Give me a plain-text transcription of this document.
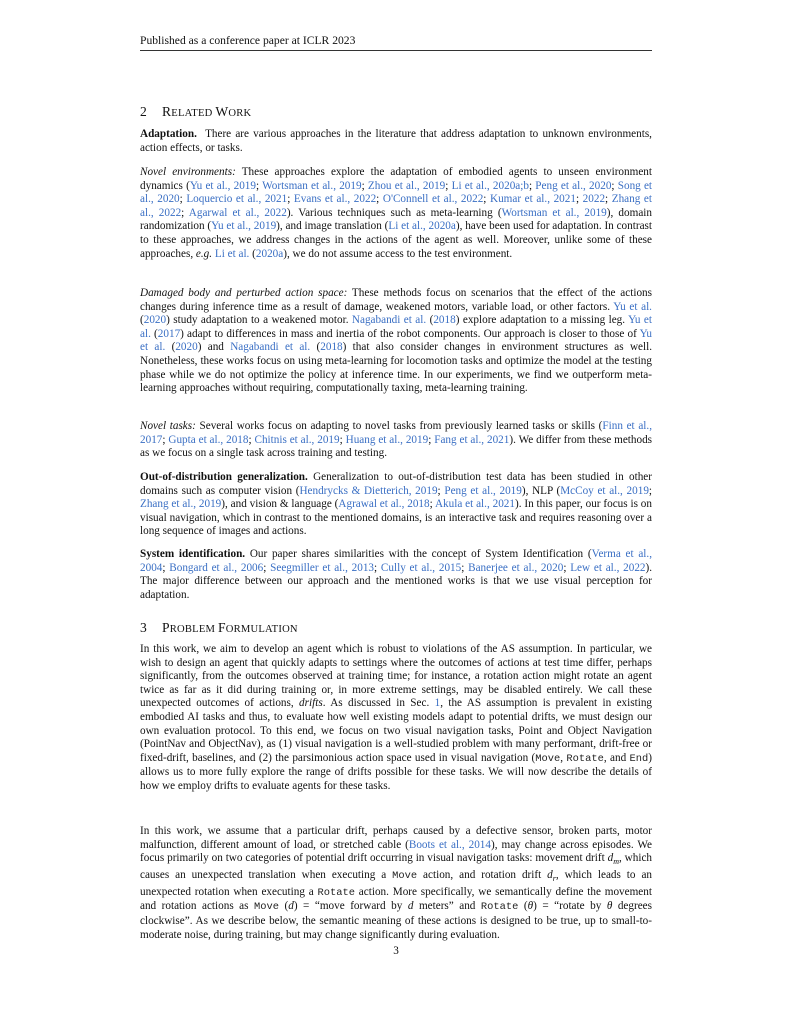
Published as a conference paper at ICLR 2023
2 RELATED WORK
Adaptation. There are various approaches in the literature that address adaptation to unknown environments, action effects, or tasks.
Novel environments: These approaches explore the adaptation of embodied agents to unseen environment dynamics (Yu et al., 2019; Wortsman et al., 2019; Zhou et al., 2019; Li et al., 2020a;b; Peng et al., 2020; Song et al., 2020; Loquercio et al., 2021; Evans et al., 2022; O'Connell et al., 2022; Kumar et al., 2021; 2022; Zhang et al., 2022; Agarwal et al., 2022). Various techniques such as meta-learning (Wortsman et al., 2019), domain randomization (Yu et al., 2019), and image translation (Li et al., 2020a), have been used for adaptation. In contrast to these approaches, we address changes in the actions of the agent as well. Moreover, unlike some of these approaches, e.g. Li et al. (2020a), we do not assume access to the test environment.
Damaged body and perturbed action space: These methods focus on scenarios that the effect of the actions changes during inference time as a result of damage, weakened motors, variable load, or other factors. Yu et al. (2020) study adaptation to a weakened motor. Nagabandi et al. (2018) explore adaptation to a missing leg. Yu et al. (2017) adapt to differences in mass and inertia of the robot components. Our approach is closer to those of Yu et al. (2020) and Nagabandi et al. (2018) that also consider changes in environment structures as well. Nonetheless, these works focus on using meta-learning for locomotion tasks and optimize the model at the testing phase while we do not optimize the policy at inference time. In our experiments, we find we outperform meta-learning approaches without requiring, computationally taxing, meta-learning training.
Novel tasks: Several works focus on adapting to novel tasks from previously learned tasks or skills (Finn et al., 2017; Gupta et al., 2018; Chitnis et al., 2019; Huang et al., 2019; Fang et al., 2021). We differ from these methods as we focus on a single task across training and testing.
Out-of-distribution generalization. Generalization to out-of-distribution test data has been studied in other domains such as computer vision (Hendrycks & Dietterich, 2019; Peng et al., 2019), NLP (McCoy et al., 2019; Zhang et al., 2019), and vision & language (Agrawal et al., 2018; Akula et al., 2021). In this paper, our focus is on visual navigation, which in contrast to the mentioned domains, is an interactive task and requires reasoning over a long sequence of images and actions.
System identification. Our paper shares similarities with the concept of System Identification (Verma et al., 2004; Bongard et al., 2006; Seegmiller et al., 2013; Cully et al., 2015; Banerjee et al., 2020; Lew et al., 2022). The major difference between our approach and the mentioned works is that we use visual perception for adaptation.
3 PROBLEM FORMULATION
In this work, we aim to develop an agent which is robust to violations of the AS assumption. In particular, we wish to design an agent that quickly adapts to settings where the outcomes of actions at test time differ, perhaps significantly, from the outcomes observed at training time; for instance, a rotation action might rotate an agent twice as far as it did during training or, in more extreme settings, may be disabled entirely. We call these unexpected outcomes of actions, drifts. As discussed in Sec. 1, the AS assumption is prevalent in existing embodied AI tasks and thus, to evaluate how well existing models adapt to potential drifts, we must design our own evaluation protocol. To this end, we focus on two visual navigation tasks, Point and Object Navigation (PointNav and ObjectNav), as (1) visual navigation is a well-studied problem with many performant, drift-free or fixed-drift, baselines, and (2) the parsimonious action space used in visual navigation (Move, Rotate, and End) allows us to more fully explore the range of drifts possible for these tasks. We will now describe the details of how we employ drifts to evaluate agents for these tasks.
In this work, we assume that a particular drift, perhaps caused by a defective sensor, broken parts, motor malfunction, different amount of load, or stretched cable (Boots et al., 2014), may change across episodes. We focus primarily on two categories of potential drift occurring in visual navigation tasks: movement drift $d_m$, which causes an unexpected translation when executing a Move action, and rotation drift $d_r$, which leads to an unexpected rotation when executing a Rotate action. More specifically, we semantically define the movement and rotation actions as Move (d) = “move forward by d meters” and Rotate (θ) = “rotate by θ degrees clockwise”. As we describe below, the semantic meaning of these actions is designed to be true, up to small-to-moderate noise, during training, but may change significantly during evaluation.
3
